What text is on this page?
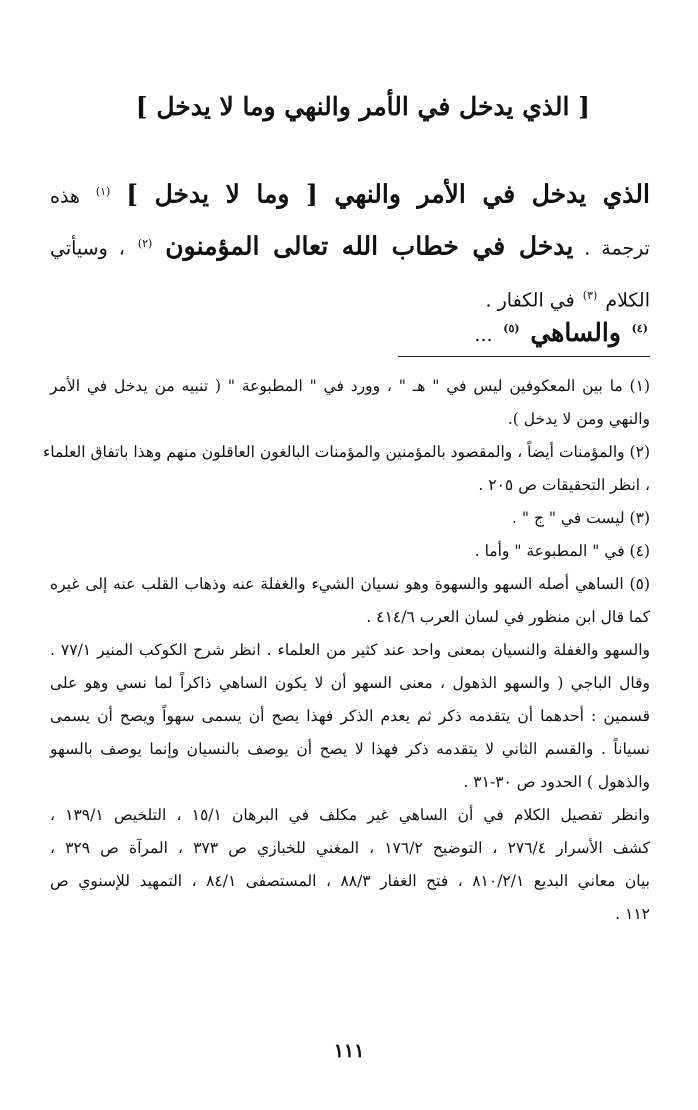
[ الذي يدخل في الأمر والنهي وما لا يدخل ]
الذي يدخل في الأمر والنهي [ وما لا يدخل ] $^{(١)}$ هذه
ترجمة . يدخل في خطاب الله تعالى المؤمنون $^{(٢)}$ ، وسيأتي
الكلام $^{(٣)}$ في الكفار .
$^{(٤)}$ والساهي $^{(٥)}$ ...
(١) ما بين المعكوفين ليس في " هـ " ، وورد في " المطبوعة " ( تنبيه من يدخل في الأمر
والنهي ومن لا يدخل ).
(٢) والمؤمنات أيضاً ، والمقصود بالمؤمنين والمؤمنات البالغون العاقلون منهم وهذا باتفاق العلماء
، انظر التحقيقات ص ٢٠٥ .
(٣) ليست في " ج " .
(٤) في " المطبوعة " وأما .
(٥) الساهي أصله السهو والسهوة وهو نسيان الشيء والغفلة عنه وذهاب القلب عنه إلى غيره
كما قال ابن منظور في لسان العرب ٤١٤/٦ .
والسهو والغفلة والنسيان بمعنى واحد عند كثير من العلماء . انظر شرح الكوكب المنير ٧٧/١ .
وقال الباجي ( والسهو الذهول ، معنى السهو أن لا يكون الساهي ذاكراً لما نسي وهو على
قسمين : أحدهما أن يتقدمه ذكر ثم يعدم الذكر فهذا يصح أن يسمى سهواً ويصح أن يسمى
نسياناً . والقسم الثاني لا يتقدمه ذكر فهذا لا يصح أن يوصف بالنسيان وإنما يوصف بالسهو
والذهول ) الحدود ص ٣٠-٣١ .
وانظر تفصيل الكلام في أن الساهي غير مكلف في البرهان ١٥/١ ، التلخيص ١٣٩/١ ،
كشف الأسرار ٢٧٦/٤ ، التوضيح ١٧٦/٢ ، المغني للخبازي ص ٣٧٣ ، المرآة ص ٣٢٩ ،
بيان معاني البديع ٨١٠/٢/١ ، فتح الغفار ٨٨/٣ ، المستصفى ٨٤/١ ، التمهيد للإسنوي ص
١١٢ .
١١١
